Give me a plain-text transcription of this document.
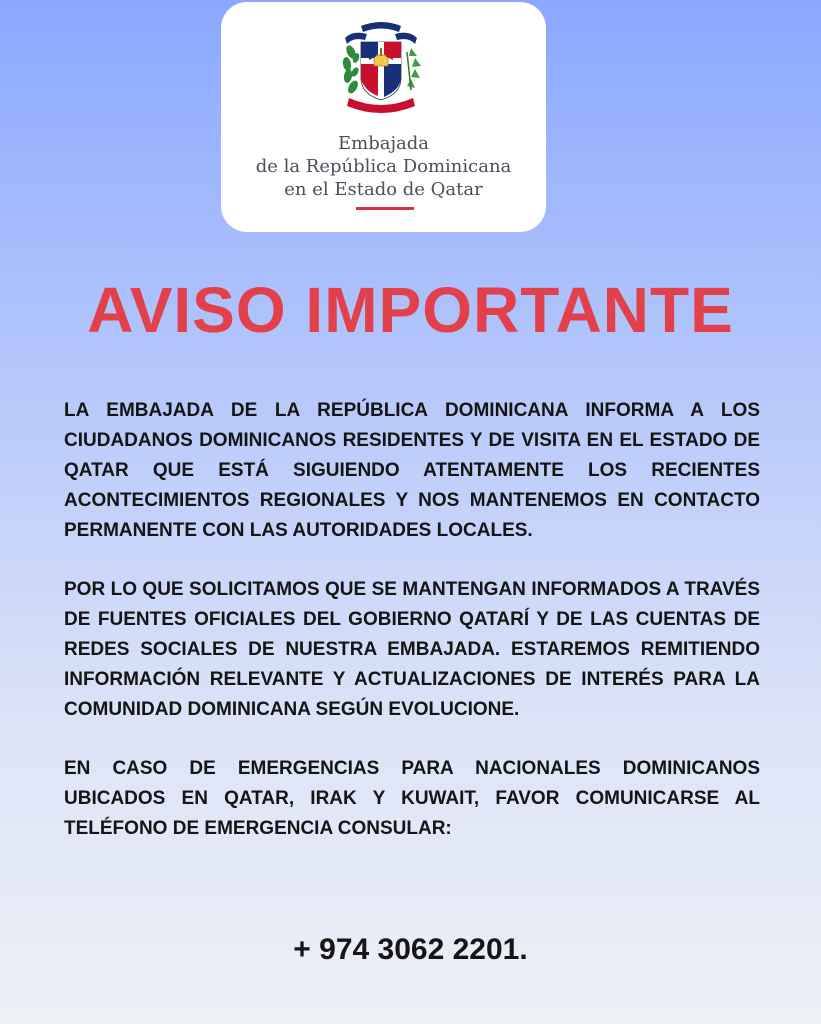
Embajada
de la República Dominicana
en el Estado de Qatar
AVISO IMPORTANTE

LA EMBAJADA DE LA REPÚBLICA DOMINICANA INFORMA A LOS CIUDADANOS DOMINICANOS RESIDENTES Y DE VISITA EN EL ESTADO DE QATAR QUE ESTÁ SIGUIENDO ATENTAMENTE LOS RECIENTES ACONTECIMIENTOS REGIONALES Y NOS MANTENEMOS EN CONTACTO PERMANENTE CON LAS AUTORIDADES LOCALES.

POR LO QUE SOLICITAMOS QUE SE MANTENGAN INFORMADOS A TRAVÉS DE FUENTES OFICIALES DEL GOBIERNO QATARÍ Y DE LAS CUENTAS DE REDES SOCIALES DE NUESTRA EMBAJADA. ESTAREMOS REMITIENDO INFORMACIÓN RELEVANTE Y ACTUALIZACIONES DE INTERÉS PARA LA COMUNIDAD DOMINICANA SEGÚN EVOLUCIONE.

EN CASO DE EMERGENCIAS PARA NACIONALES DOMINICANOS UBICADOS EN QATAR, IRAK Y KUWAIT, FAVOR COMUNICARSE AL TELÉFONO DE EMERGENCIA CONSULAR:

+ 974 3062 2201.
